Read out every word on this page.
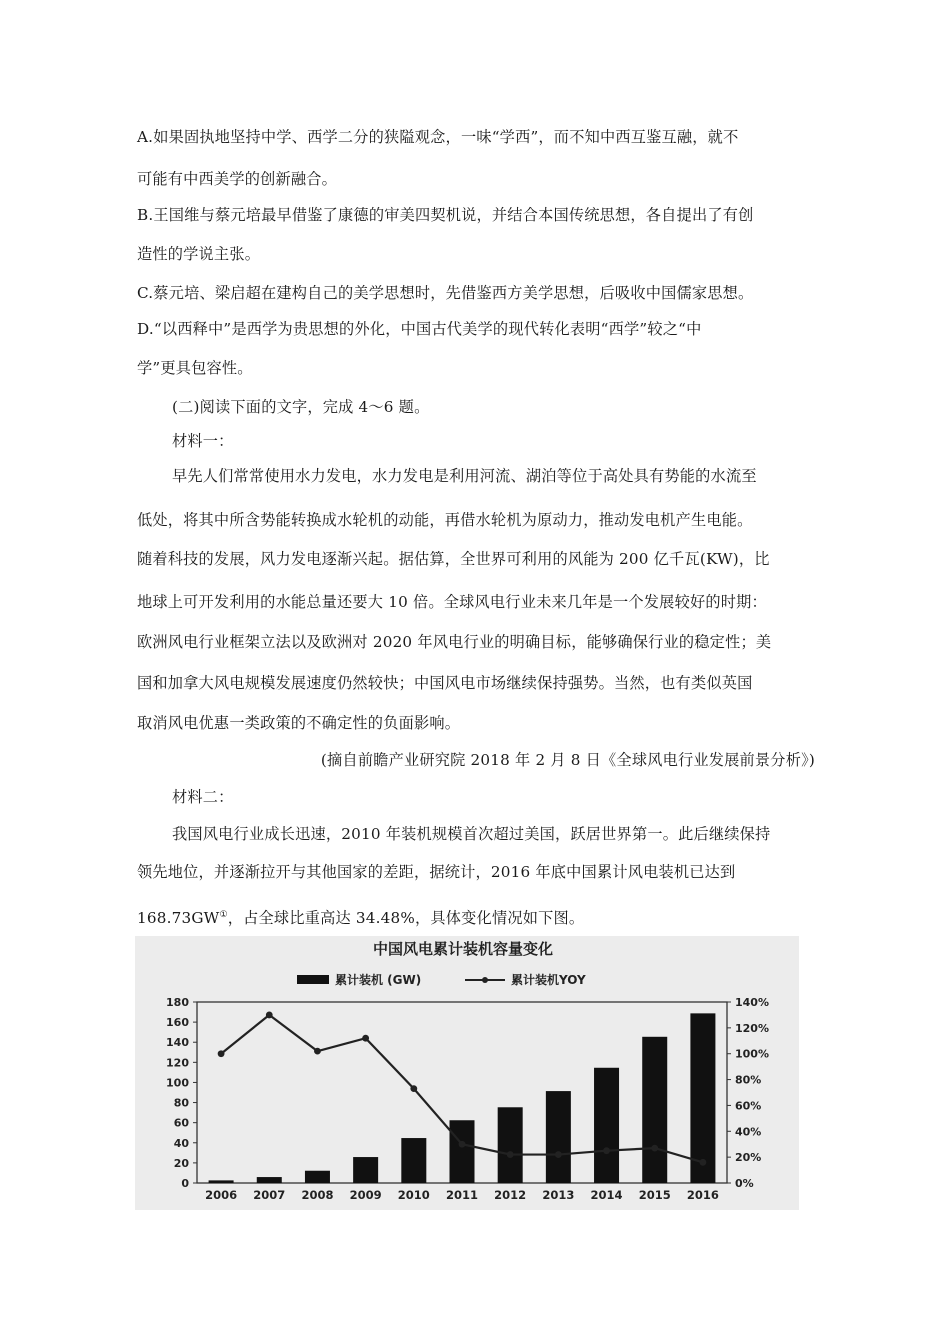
A.如果固执地坚持中学、西学二分的狭隘观念，一味“学西”，而不知中西互鉴互融，就不
可能有中西美学的创新融合。
B.王国维与蔡元培最早借鉴了康德的审美四契机说，并结合本国传统思想，各自提出了有创
造性的学说主张。
C.蔡元培、梁启超在建构自己的美学思想时，先借鉴西方美学思想，后吸收中国儒家思想。
D.“以西释中”是西学为贵思想的外化，中国古代美学的现代转化表明“西学”较之“中
学”更具包容性。
(二)阅读下面的文字，完成 4～6 题。
材料一：
早先人们常常使用水力发电，水力发电是利用河流、湖泊等位于高处具有势能的水流至
低处，将其中所含势能转换成水轮机的动能，再借水轮机为原动力，推动发电机产生电能。
随着科技的发展，风力发电逐渐兴起。据估算，全世界可利用的风能为 200 亿千瓦(KW)，比
地球上可开发利用的水能总量还要大 10 倍。全球风电行业未来几年是一个发展较好的时期：
欧洲风电行业框架立法以及欧洲对 2020 年风电行业的明确目标，能够确保行业的稳定性；美
国和加拿大风电规模发展速度仍然较快；中国风电市场继续保持强势。当然，也有类似英国
取消风电优惠一类政策的不确定性的负面影响。
(摘自前瞻产业研究院 2018 年 2 月 8 日《全球风电行业发展前景分析》)
材料二：
我国风电行业成长迅速，2010 年装机规模首次超过美国，跃居世界第一。此后继续保持
领先地位，并逐渐拉开与其他国家的差距，据统计，2016 年底中国累计风电装机已达到
168.73GW①，占全球比重高达 34.48%，具体变化情况如下图。
中国风电累计装机容量变化
累计装机 (GW)	累计装机YOY
0
20
40
60
80
100
120
140
160
180
0%
20%
40%
60%
80%
100%
120%
140%
2006 2007 2008 2009 2010 2011 2012 2013 2014 2015 2016
